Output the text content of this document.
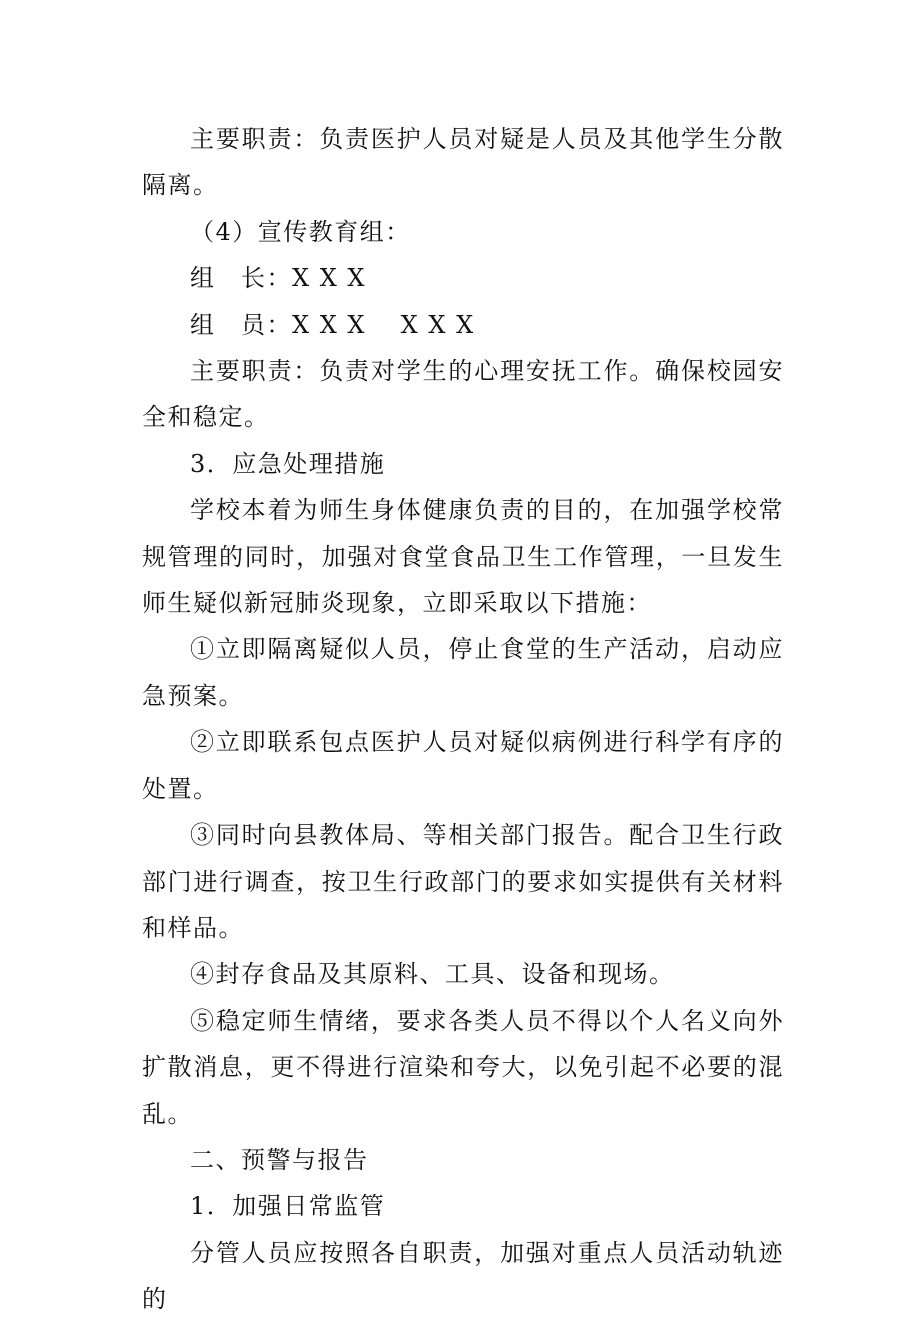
主要职责：负责医护人员对疑是人员及其他学生分散隔离。

（4）宣传教育组：

组　长：X X X

组　员：X X X　 X X X

主要职责：负责对学生的心理安抚工作。确保校园安全和稳定。

3．应急处理措施

学校本着为师生身体健康负责的目的，在加强学校常规管理的同时，加强对食堂食品卫生工作管理，一旦发生师生疑似新冠肺炎现象，立即采取以下措施：

①立即隔离疑似人员，停止食堂的生产活动，启动应急预案。

②立即联系包点医护人员对疑似病例进行科学有序的处置。

③同时向县教体局、等相关部门报告。配合卫生行政部门进行调查，按卫生行政部门的要求如实提供有关材料和样品。

④封存食品及其原料、工具、设备和现场。

⑤稳定师生情绪，要求各类人员不得以个人名义向外扩散消息，更不得进行渲染和夸大，以免引起不必要的混乱。

二、预警与报告

1．加强日常监管

分管人员应按照各自职责，加强对重点人员活动轨迹的
